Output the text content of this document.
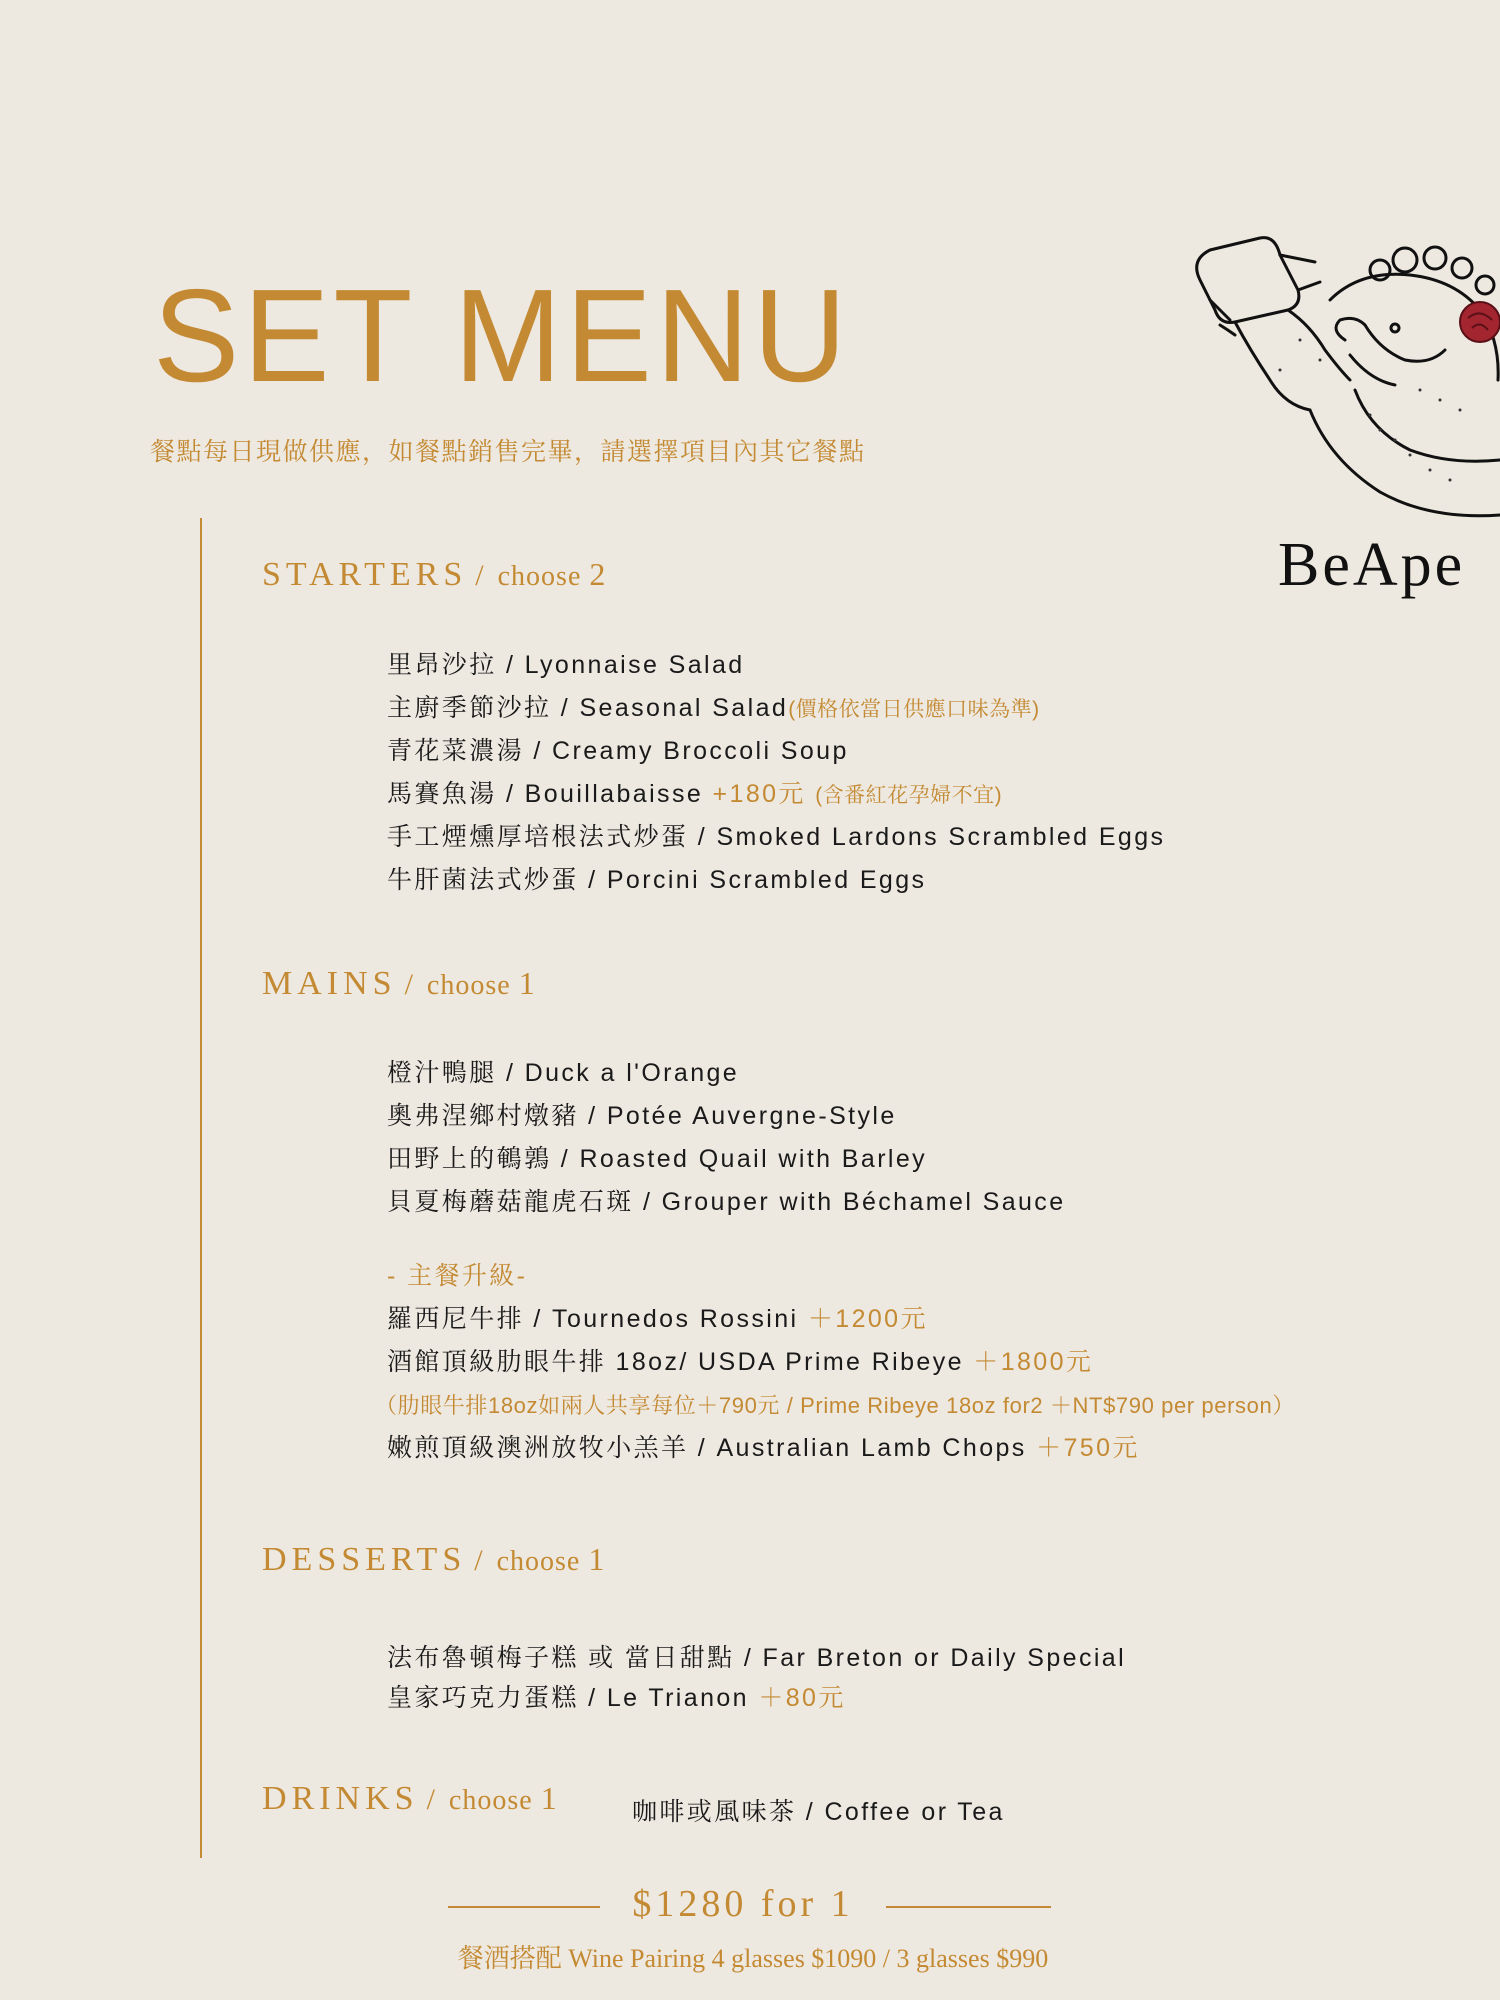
SET MENU
餐點每日現做供應，如餐點銷售完畢，請選擇項目內其它餐點
BeApe
STARTERS / choose 2
里昂沙拉 / Lyonnaise Salad
主廚季節沙拉 / Seasonal Salad(價格依當日供應口味為準)
青花菜濃湯 / Creamy Broccoli Soup
馬賽魚湯 / Bouillabaisse +180元 (含番紅花孕婦不宜)
手工煙燻厚培根法式炒蛋 / Smoked Lardons Scrambled Eggs
牛肝菌法式炒蛋 / Porcini Scrambled Eggs
MAINS / choose 1
橙汁鴨腿 / Duck a l'Orange
奧弗涅鄉村燉豬 / Potée Auvergne-Style
田野上的鵪鶉 / Roasted Quail with Barley
貝夏梅蘑菇龍虎石斑 / Grouper with Béchamel Sauce
- 主餐升級-
羅西尼牛排 / Tournedos Rossini ＋1200元
酒館頂級肋眼牛排 18oz/ USDA Prime Ribeye ＋1800元
（肋眼牛排18oz如兩人共享每位＋790元 / Prime Ribeye 18oz for2 ＋NT$790 per person）
嫩煎頂級澳洲放牧小羔羊 / Australian Lamb Chops ＋750元
DESSERTS / choose 1
法布魯頓梅子糕 或 當日甜點 / Far Breton or Daily Special
皇家巧克力蛋糕 / Le Trianon ＋80元
DRINKS / choose 1	咖啡或風味茶 / Coffee or Tea
$1280 for 1
餐酒搭配 Wine Pairing 4 glasses $1090 / 3 glasses $990
